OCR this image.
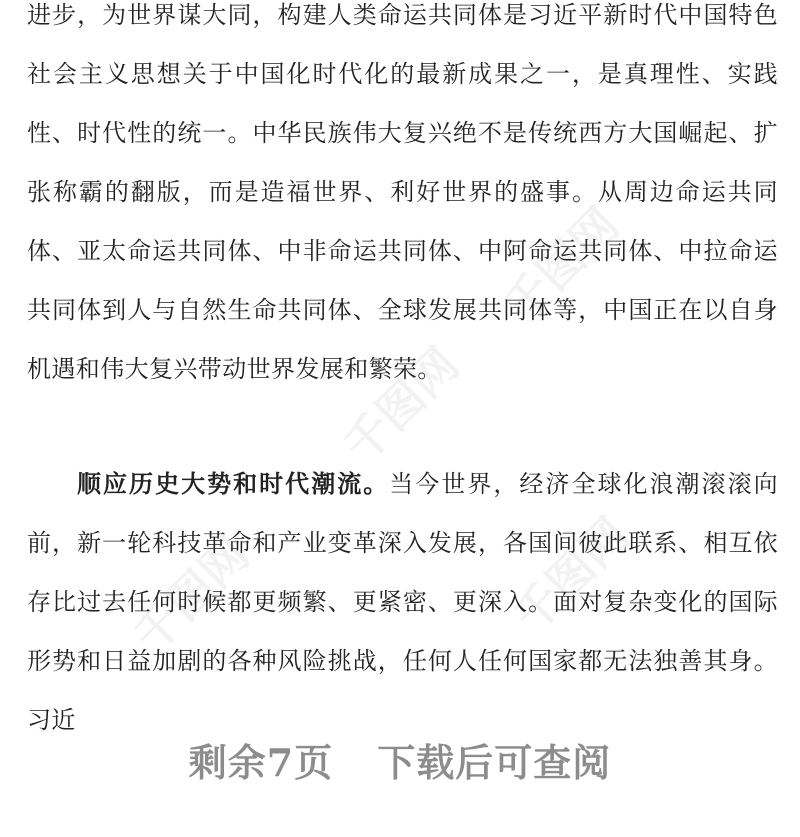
进步，为世界谋大同，构建人类命运共同体是习近平新时代中国特色社会主义思想关于中国化时代化的最新成果之一，是真理性、实践性、时代性的统一。中华民族伟大复兴绝不是传统西方大国崛起、扩张称霸的翻版，而是造福世界、利好世界的盛事。从周边命运共同体、亚太命运共同体、中非命运共同体、中阿命运共同体、中拉命运共同体到人与自然生命共同体、全球发展共同体等，中国正在以自身机遇和伟大复兴带动世界发展和繁荣。

顺应历史大势和时代潮流。当今世界，经济全球化浪潮滚滚向前，新一轮科技革命和产业变革深入发展，各国间彼此联系、相互依存比过去任何时候都更频繁、更紧密、更深入。面对复杂变化的国际形势和日益加剧的各种风险挑战，任何人任何国家都无法独善其身。习近

千图网
千图网
千图网	千图网
剩余7页 下载后可查阅
